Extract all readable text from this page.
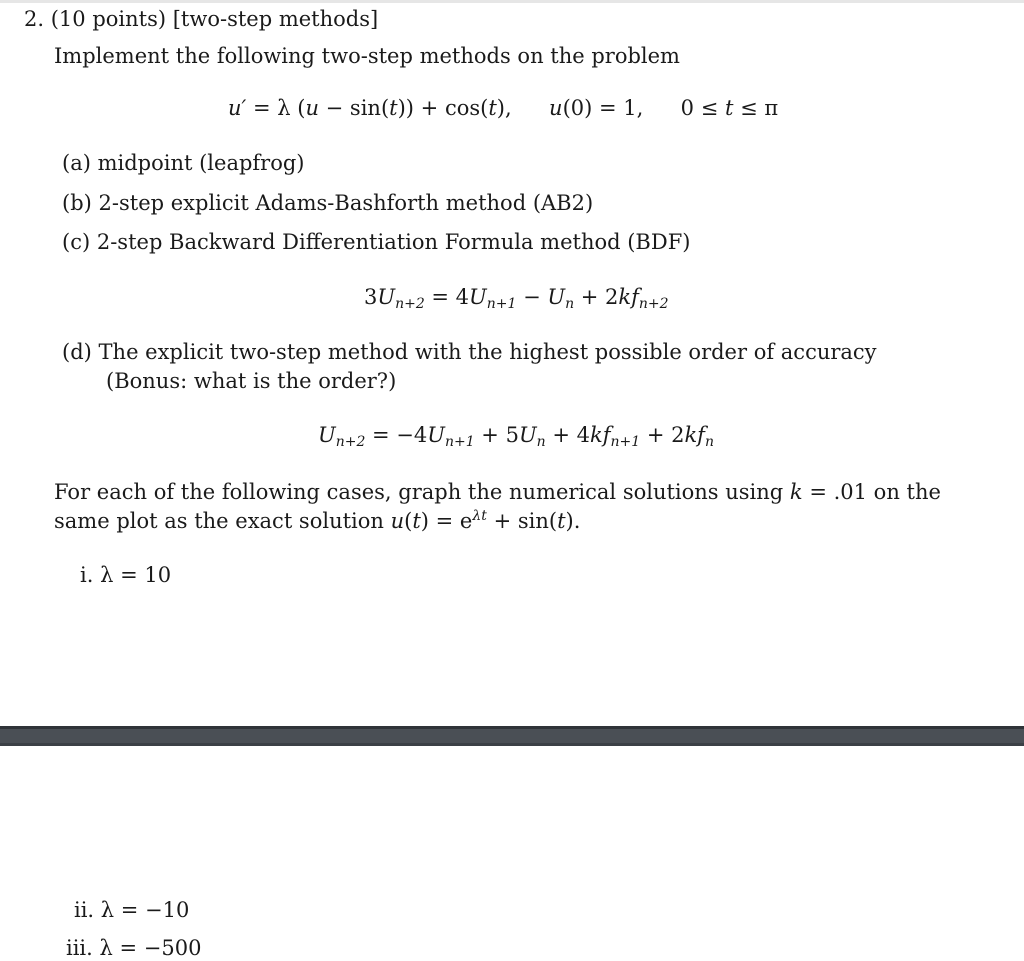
2. (10 points) [two-step methods]
Implement the following two-step methods on the problem
u′ = λ (u − sin(t)) + cos(t), u(0) = 1, 0 ≤ t ≤ π
(a) midpoint (leapfrog)
(b) 2-step explicit Adams-Bashforth method (AB2)
(c) 2-step Backward Differentiation Formula method (BDF)
$3U_{n+2} = 4U_{n+1} - U_n + 2kf_{n+2}$
(d) The explicit two-step method with the highest possible order of accuracy
(Bonus: what is the order?)
$U_{n+2} = -4U_{n+1} + 5U_n + 4kf_{n+1} + 2kf_n$
For each of the following cases, graph the numerical solutions using k = .01 on the
same plot as the exact solution $u(t) = e^{\lambda t} + \sin(t)$.
i. λ = 10
ii. λ = −10
iii. λ = −500
